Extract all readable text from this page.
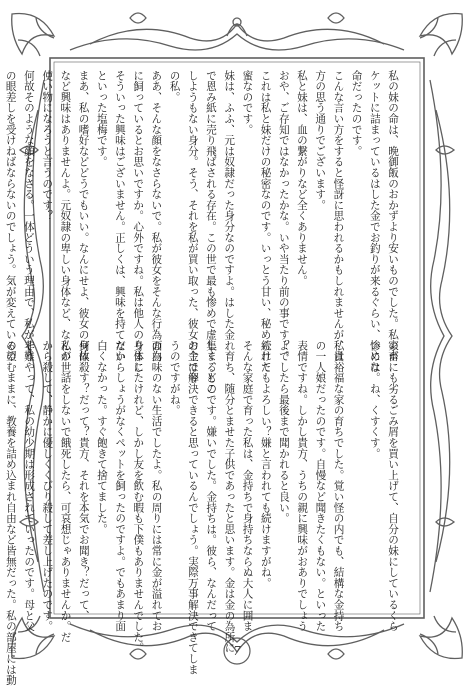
私の妹の命は、晩御飯のおかずより安いものでした。私のポ
ケットに詰まっているはした金でお釣りが来るぐらい、惨めな
命だったのです。
こんな言い方をすると怪訝に思われるかもしれませんが、貴
方の思う通りでございます。
私と妹は、血の繋がりなど全くありません。
おや、ご存知ではなかったかな。いや当たり前の事ですよ。
これは私と妹だけの秘密なのです。いっとう甘い、秘められた
蜜なのです。
妹は、ふふ、元は奴隷だった身分なのですよ。はした金
で恩み紙に売り飛ばされる存在。この世で最も惨めで虚しく、どこ
しようもない身分。そう、それを私が買い取った、彼女の主は今
の私。
ああ、そんな顔をなさらないで。私が彼女をそんな行為の為
に飼っているとお思いですか。心外ですね。私は他人の身体に
そういった興味はございません。正しくは、興味を持てない
といった塩梅です。
まあ、私の嗜好などどうでもいい。なんにせよ、彼女の身体
など興味はありませんよ。元奴隷の卑しい身体など、なんの
使い物になろうと言うのです？
何故そのような顔をなさる。一体どういう理由で、私が非難
の眼差しを受けねばならないのでしょう。気が変えているの
家畜にも劣るごみ屑を買い上げて、自分の妹にしているくら
いには。ね、くすくす。
私は裕福な家の育ちでした。覚い怪の内でも、結構な金持ち
の一人娘だったのです。自慢など聞きたくもない。といった
表情ですね。しかし貴方、うちの親に興味がおありでしょう
？でしたら最後まで聞かれると良い。
続けてもよろしい？嫌と言われても続けますがね。
そんな家庭で育った私は、金持ちで身持ちならぬ大人に囲ま
れ育ち、随分とませた子供であったと思います。金は金の為所に
集まるものです。嫌いでした。金持ちは。彼ら、なんだって
お金で解決できると思っているんでしょう。実際万事解決できてしま
うのですがね。
面白味のない生活でしたよ。私の周りには常に金が溢れてお
りましたけれど、しかし友を飲む暇も下僕もありませんでした。
だからしょうがなくペットを飼ったのですよ。でもあまり面
白くなかった。すぐ飽きて捨てました。
何故殺す？だって？貴方、それを本気でお聞き？だって、
私が世話をしないで餓死したら、可哀想じゃありませんか。だ
から殺して、静かに優しくくびり殺して差し上げたのです。
そうやって、私の幼少期は形成されていったのです。母と父
の望むままに、教養を詰め込まれ自由など皆無だった。私の部屋には動	7
